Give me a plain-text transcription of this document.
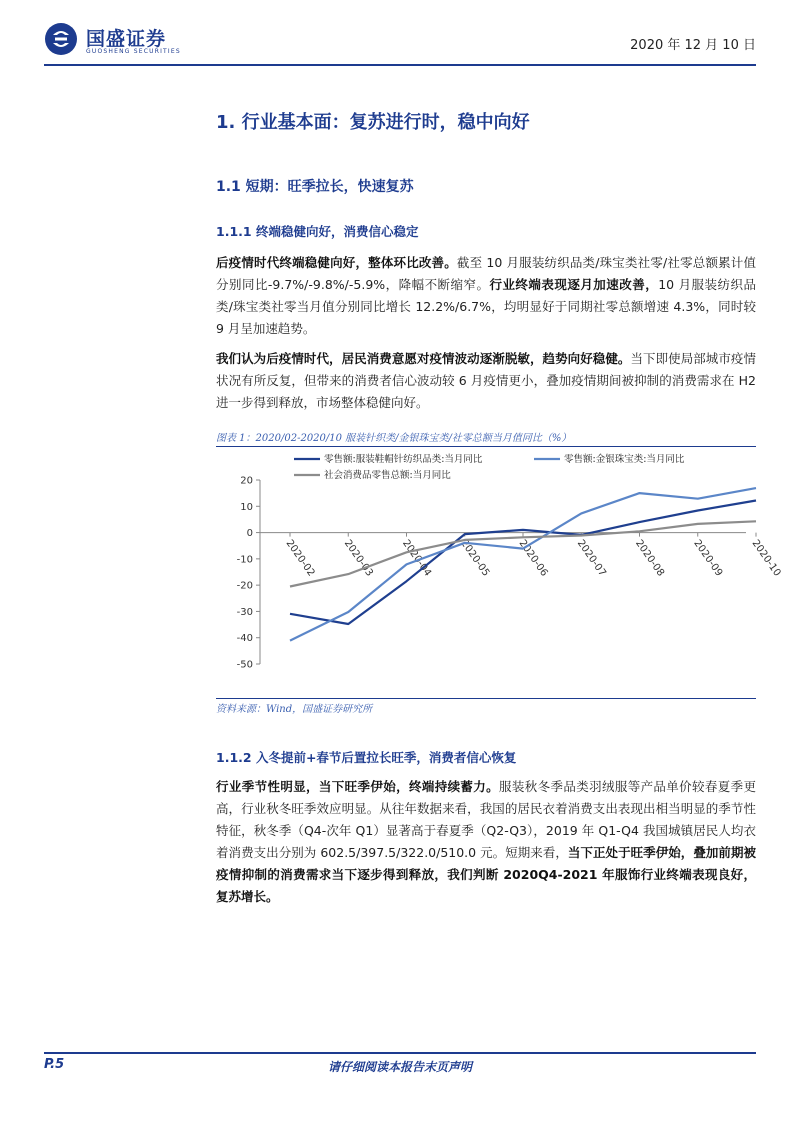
国盛证券
GUOSHENG SECURITIES	2020 年 12 月 10 日
1. 行业基本面：复苏进行时，稳中向好
1.1 短期：旺季拉长，快速复苏
1.1.1 终端稳健向好，消费信心稳定
后疫情时代终端稳健向好，整体环比改善。截至 10 月服装纺织品类/珠宝类社零/社零总额累计值分别同比-9.7%/-9.8%/-5.9%，降幅不断缩窄。行业终端表现逐月加速改善，10 月服装纺织品类/珠宝类社零当月值分别同比增长 12.2%/6.7%，均明显好于同期社零总额增速 4.3%，同时较 9 月呈加速趋势。
我们认为后疫情时代，居民消费意愿对疫情波动逐渐脱敏，趋势向好稳健。当下即使局部城市疫情状况有所反复，但带来的消费者信心波动较 6 月疫情更小，叠加疫情期间被抑制的消费需求在 H2 进一步得到释放，市场整体稳健向好。
图表 1：2020/02-2020/10 服装针织类/金银珠宝类/社零总额当月值同比（%）
20
10
0
-10
-20
-30
-40
-50
2020-02	2020-03	2020-04	2020-05	2020-06	2020-07	2020-08	2020-09	2020-10
零售额:服装鞋帽针纺织品类:当月同比	零售额:金银珠宝类:当月同比
社会消费品零售总额:当月同比
资料来源：Wind，国盛证券研究所
1.1.2 入冬提前+春节后置拉长旺季，消费者信心恢复
行业季节性明显，当下旺季伊始，终端持续蓄力。服装秋冬季品类羽绒服等产品单价较春夏季更高，行业秋冬旺季效应明显。从往年数据来看，我国的居民衣着消费支出表现出相当明显的季节性特征，秋冬季（Q4-次年 Q1）显著高于春夏季（Q2-Q3），2019 年 Q1-Q4 我国城镇居民人均衣着消费支出分别为 602.5/397.5/322.0/510.0 元。短期来看，当下正处于旺季伊始，叠加前期被疫情抑制的消费需求当下逐步得到释放，我们判断 2020Q4-2021 年服饰行业终端表现良好，复苏增长。
P.5	请仔细阅读本报告末页声明
